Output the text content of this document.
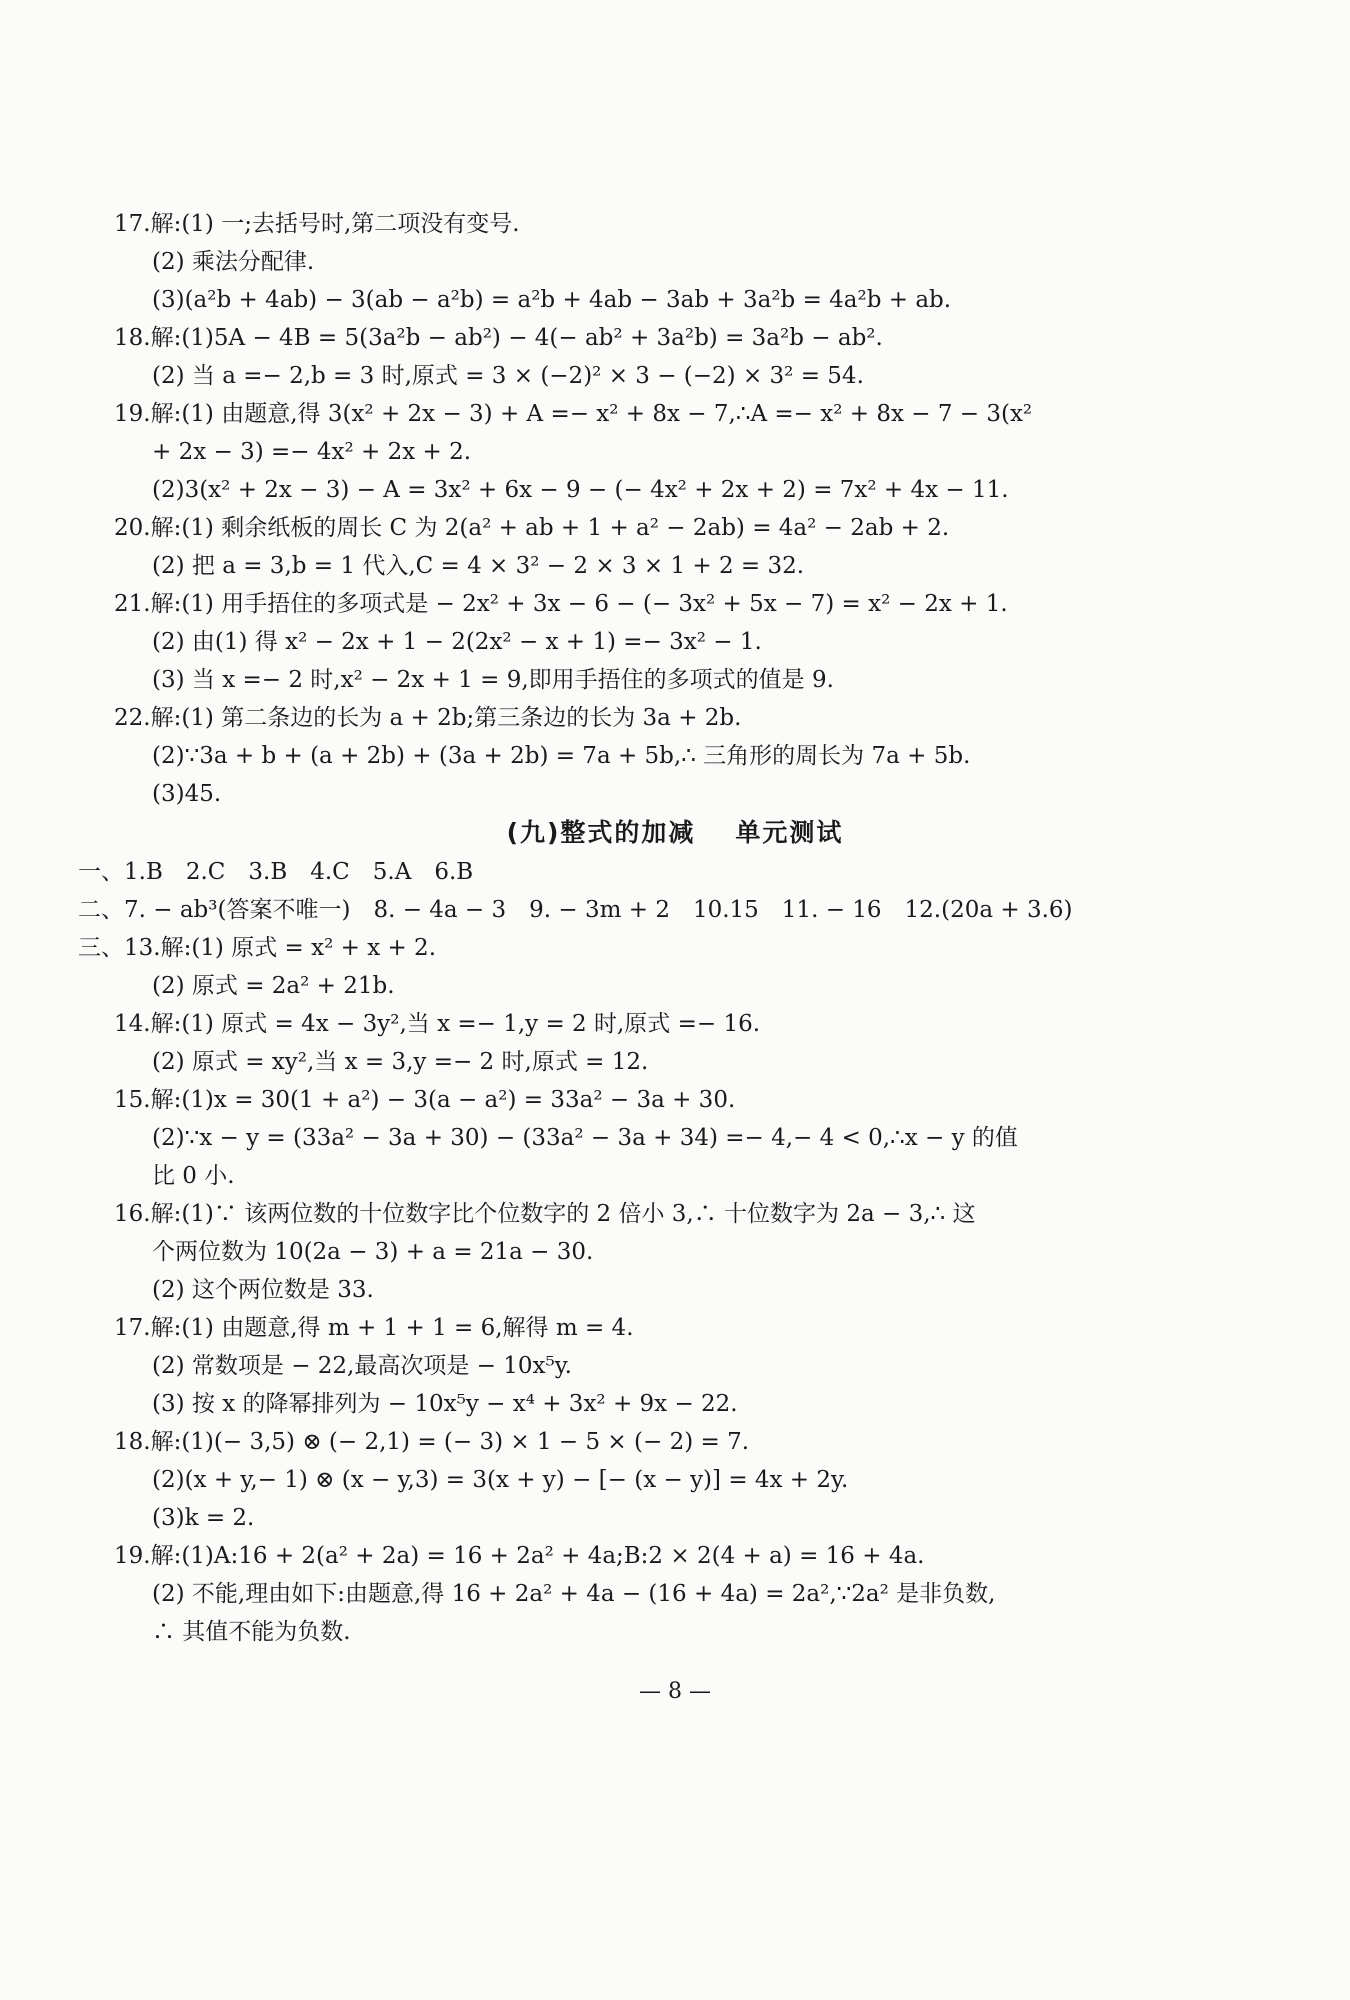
17.解:(1) 一;去括号时,第二项没有变号.
(2) 乘法分配律.
(3)(a²b + 4ab) − 3(ab − a²b) = a²b + 4ab − 3ab + 3a²b = 4a²b + ab.
18.解:(1)5A − 4B = 5(3a²b − ab²) − 4(− ab² + 3a²b) = 3a²b − ab².
(2) 当 a =− 2,b = 3 时,原式 = 3 × (−2)² × 3 − (−2) × 3² = 54.
19.解:(1) 由题意,得 3(x² + 2x − 3) + A =− x² + 8x − 7,∴A =− x² + 8x − 7 − 3(x²
+ 2x − 3) =− 4x² + 2x + 2.
(2)3(x² + 2x − 3) − A = 3x² + 6x − 9 − (− 4x² + 2x + 2) = 7x² + 4x − 11.
20.解:(1) 剩余纸板的周长 C 为 2(a² + ab + 1 + a² − 2ab) = 4a² − 2ab + 2.
(2) 把 a = 3,b = 1 代入,C = 4 × 3² − 2 × 3 × 1 + 2 = 32.
21.解:(1) 用手捂住的多项式是 − 2x² + 3x − 6 − (− 3x² + 5x − 7) = x² − 2x + 1.
(2) 由(1) 得 x² − 2x + 1 − 2(2x² − x + 1) =− 3x² − 1.
(3) 当 x =− 2 时,x² − 2x + 1 = 9,即用手捂住的多项式的值是 9.
22.解:(1) 第二条边的长为 a + 2b;第三条边的长为 3a + 2b.
(2)∵3a + b + (a + 2b) + (3a + 2b) = 7a + 5b,∴ 三角形的周长为 7a + 5b.
(3)45.
(九)整式的加减 单元测试
一、1.B　2.C　3.B　4.C　5.A　6.B
二、7. − ab³(答案不唯一)　8. − 4a − 3　9. − 3m + 2　10.15　11. − 16　12.(20a + 3.6)
三、13.解:(1) 原式 = x² + x + 2.
(2) 原式 = 2a² + 21b.
14.解:(1) 原式 = 4x − 3y²,当 x =− 1,y = 2 时,原式 =− 16.
(2) 原式 = xy²,当 x = 3,y =− 2 时,原式 = 12.
15.解:(1)x = 30(1 + a²) − 3(a − a²) = 33a² − 3a + 30.
(2)∵x − y = (33a² − 3a + 30) − (33a² − 3a + 34) =− 4,− 4 < 0,∴x − y 的值
比 0 小.
16.解:(1)∵ 该两位数的十位数字比个位数字的 2 倍小 3,∴ 十位数字为 2a − 3,∴ 这
个两位数为 10(2a − 3) + a = 21a − 30.
(2) 这个两位数是 33.
17.解:(1) 由题意,得 m + 1 + 1 = 6,解得 m = 4.
(2) 常数项是 − 22,最高次项是 − 10x⁵y.
(3) 按 x 的降幂排列为 − 10x⁵y − x⁴ + 3x² + 9x − 22.
18.解:(1)(− 3,5) ⊗ (− 2,1) = (− 3) × 1 − 5 × (− 2) = 7.
(2)(x + y,− 1) ⊗ (x − y,3) = 3(x + y) − [− (x − y)] = 4x + 2y.
(3)k = 2.
19.解:(1)A:16 + 2(a² + 2a) = 16 + 2a² + 4a;B:2 × 2(4 + a) = 16 + 4a.
(2) 不能,理由如下:由题意,得 16 + 2a² + 4a − (16 + 4a) = 2a²,∵2a² 是非负数,
∴ 其值不能为负数.
— 8 —
